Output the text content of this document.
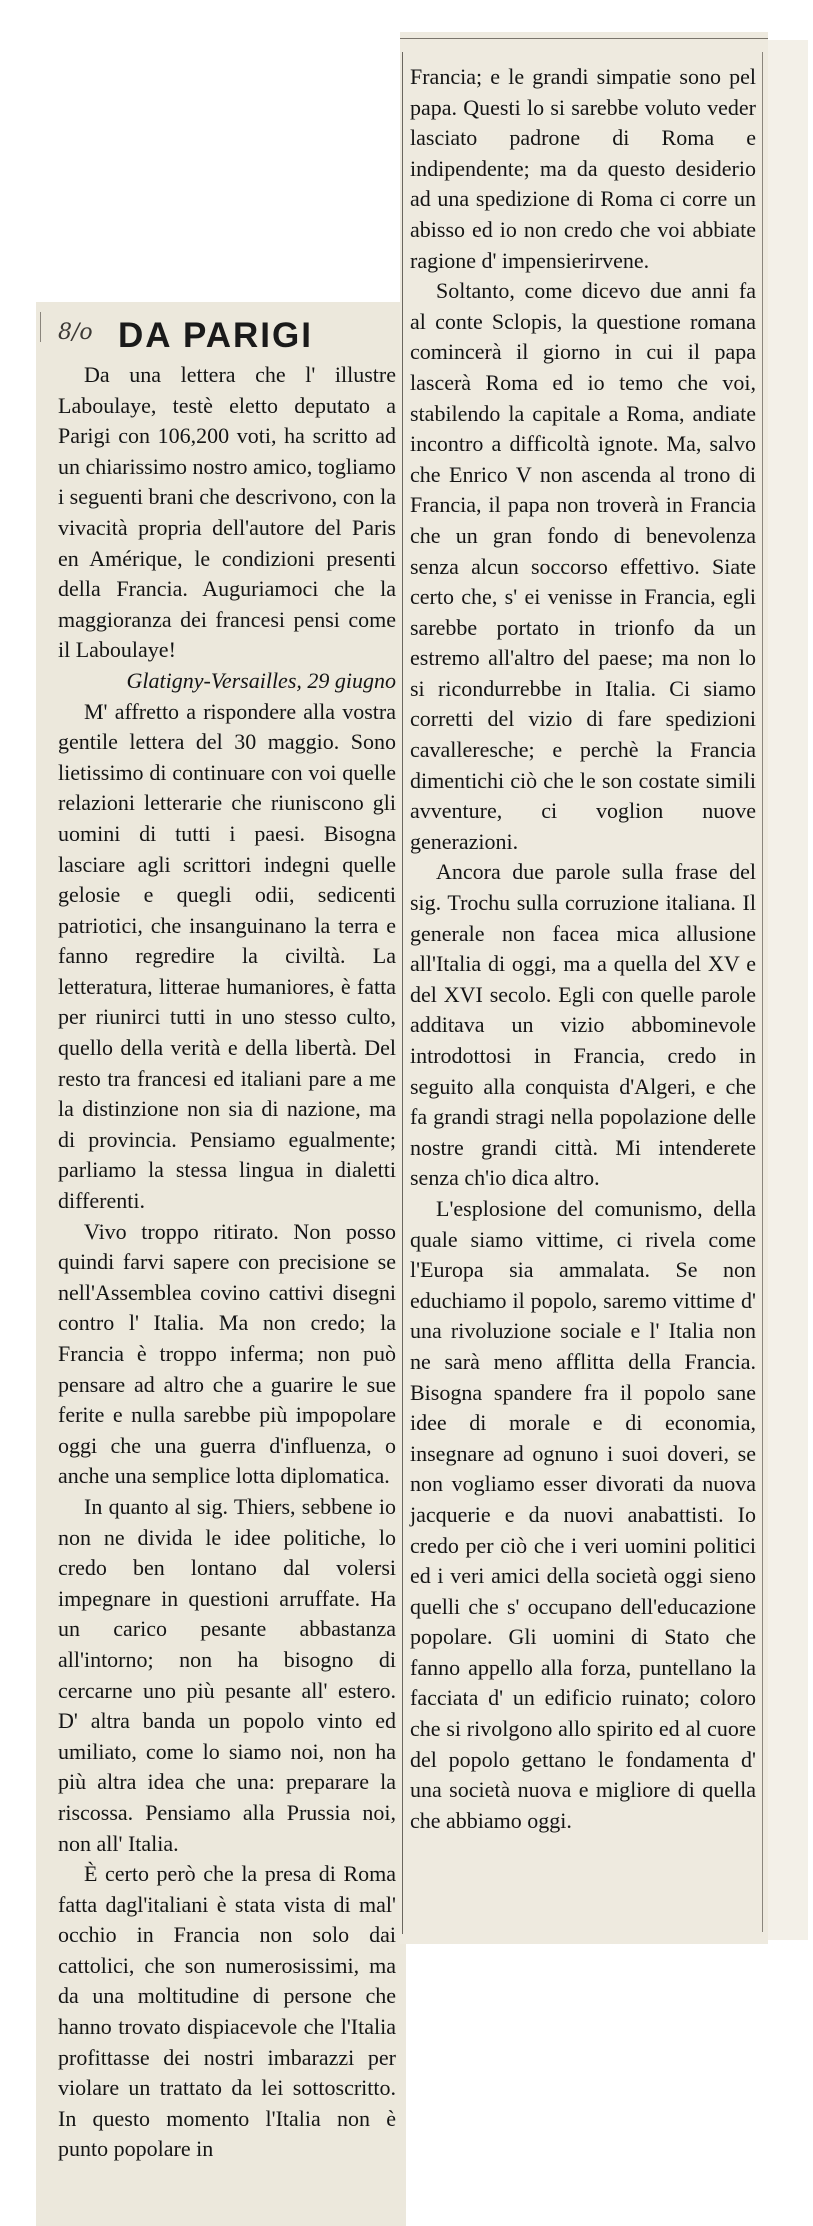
8/o DA PARIGI

Da una lettera che l' illustre Laboulaye, testè eletto deputato a Parigi con 106,200 voti, ha scritto ad un chiarissimo nostro amico, togliamo i seguenti brani che descrivono, con la vivacità propria dell'autore del Paris en Amérique, le condizioni presenti della Francia. Auguriamoci che la maggioranza dei francesi pensi come il Laboulaye!

Glatigny-Versailles, 29 giugno

M' affretto a rispondere alla vostra gentile lettera del 30 maggio. Sono lietissimo di continuare con voi quelle relazioni letterarie che riuniscono gli uomini di tutti i paesi. Bisogna lasciare agli scrittori indegni quelle gelosie e quegli odii, sedicenti patriotici, che insanguinano la terra e fanno regredire la civiltà. La letteratura, litterae humaniores, è fatta per riunirci tutti in uno stesso culto, quello della verità e della libertà. Del resto tra francesi ed italiani pare a me la distinzione non sia di nazione, ma di provincia. Pensiamo egualmente; parliamo la stessa lingua in dialetti differenti.

Vivo troppo ritirato. Non posso quindi farvi sapere con precisione se nell'Assemblea covino cattivi disegni contro l' Italia. Ma non credo; la Francia è troppo inferma; non può pensare ad altro che a guarire le sue ferite e nulla sarebbe più impopolare oggi che una guerra d'influenza, o anche una semplice lotta diplomatica.

In quanto al sig. Thiers, sebbene io non ne divida le idee politiche, lo credo ben lontano dal volersi impegnare in questioni arruffate. Ha un carico pesante abbastanza all'intorno; non ha bisogno di cercarne uno più pesante all' estero. D' altra banda un popolo vinto ed umiliato, come lo siamo noi, non ha più altra idea che una: preparare la riscossa. Pensiamo alla Prussia noi, non all' Italia.

È certo però che la presa di Roma fatta dagl'italiani è stata vista di mal' occhio in Francia non solo dai cattolici, che son numerosissimi, ma da una moltitudine di persone che hanno trovato dispiacevole che l'Italia profittasse dei nostri imbarazzi per violare un trattato da lei sottoscritto. In questo momento l'Italia non è punto popolare in

Francia; e le grandi simpatie sono pel papa. Questi lo si sarebbe voluto veder lasciato padrone di Roma e indipendente; ma da questo desiderio ad una spedizione di Roma ci corre un abisso ed io non credo che voi abbiate ragione d' impensierirvene.

Soltanto, come dicevo due anni fa al conte Sclopis, la questione romana comincerà il giorno in cui il papa lascerà Roma ed io temo che voi, stabilendo la capitale a Roma, andiate incontro a difficoltà ignote. Ma, salvo che Enrico V non ascenda al trono di Francia, il papa non troverà in Francia che un gran fondo di benevolenza senza alcun soccorso effettivo. Siate certo che, s' ei venisse in Francia, egli sarebbe portato in trionfo da un estremo all'altro del paese; ma non lo si ricondurrebbe in Italia. Ci siamo corretti del vizio di fare spedizioni cavalleresche; e perchè la Francia dimentichi ciò che le son costate simili avventure, ci voglion nuove generazioni.

Ancora due parole sulla frase del sig. Trochu sulla corruzione italiana. Il generale non facea mica allusione all'Italia di oggi, ma a quella del XV e del XVI secolo. Egli con quelle parole additava un vizio abbominevole introdottosi in Francia, credo in seguito alla conquista d'Algeri, e che fa grandi stragi nella popolazione delle nostre grandi città. Mi intenderete senza ch'io dica altro.

L'esplosione del comunismo, della quale siamo vittime, ci rivela come l'Europa sia ammalata. Se non educhiamo il popolo, saremo vittime d' una rivoluzione sociale e l' Italia non ne sarà meno afflitta della Francia. Bisogna spandere fra il popolo sane idee di morale e di economia, insegnare ad ognuno i suoi doveri, se non vogliamo esser divorati da nuova jacquerie e da nuovi anabattisti. Io credo per ciò che i veri uomini politici ed i veri amici della società oggi sieno quelli che s' occupano dell'educazione popolare. Gli uomini di Stato che fanno appello alla forza, puntellano la facciata d' un edificio ruinato; coloro che si rivolgono allo spirito ed al cuore del popolo gettano le fondamenta d' una società nuova e migliore di quella che abbiamo oggi.
